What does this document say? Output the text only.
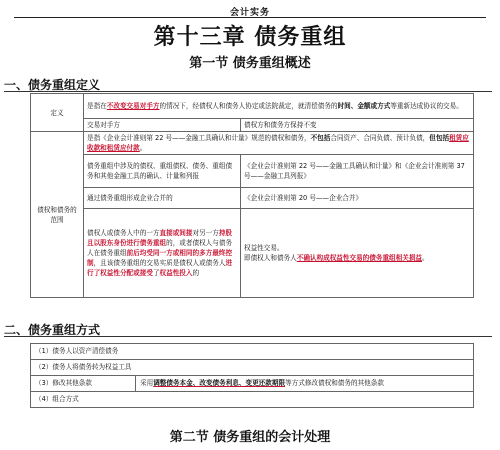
会计实务
第十三章 债务重组
第一节 债务重组概述
一、债务重组定义
定义	是指在不改变交易对手方的情况下，经债权人和债务人协定或法院裁定，就清偿债务的时间、金额或方式等重新达成协议的交易。	
	交易对手方	债权方和债务方保持不变
债权和债务的范围	是指《企业会计准则第 22 号——金融工具确认和计量》规范的债权和债务，不包括合同资产、合同负债、预计负债，但包括租赁应收款和租赁应付款。	
	债务重组中涉及的债权、重组债权、债务、重组债务和其他金融工具的确认、计量和列报	《企业会计准则第 22 号——金融工具确认和计量》和《企业会计准则第 37 号——金融工具列报》
	通过债务重组形成企业合并的	《企业会计准则第 20 号——企业合并》
	债权人或债务人中的一方直接或间接对另一方持股且以股东身份进行债务重组的，或者债权人与债务人在债务重组前后均受同一方或相同的多方最终控制，且该债务重组的交易实质是债权人或债务人进行了权益性分配或接受了权益性投入的	权益性交易。
即债权人和债务人不确认构成权益性交易的债务重组相关损益。
二、债务重组方式
（1）债务人以资产清偿债务
（2）债务人将债务转为权益工具
（3）修改其他条款	采用调整债务本金、改变债务利息、变更还款期限等方式修改债权和债务的其他条款
（4）组合方式
第二节 债务重组的会计处理
